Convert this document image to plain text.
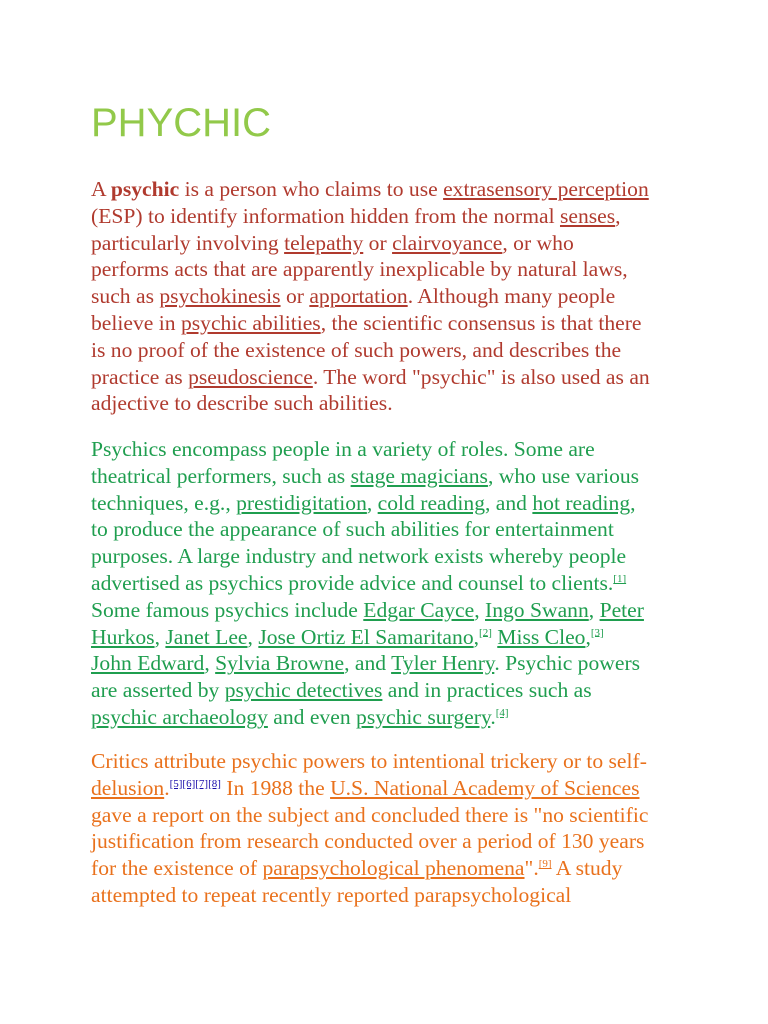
PHYCHIC

A psychic is a person who claims to use extrasensory perception
(ESP) to identify information hidden from the normal senses,
particularly involving telepathy or clairvoyance, or who
performs acts that are apparently inexplicable by natural laws,
such as psychokinesis or apportation. Although many people
believe in psychic abilities, the scientific consensus is that there
is no proof of the existence of such powers, and describes the
practice as pseudoscience. The word "psychic" is also used as an
adjective to describe such abilities.

Psychics encompass people in a variety of roles. Some are
theatrical performers, such as stage magicians, who use various
techniques, e.g., prestidigitation, cold reading, and hot reading,
to produce the appearance of such abilities for entertainment
purposes. A large industry and network exists whereby people
advertised as psychics provide advice and counsel to clients.[1]
Some famous psychics include Edgar Cayce, Ingo Swann, Peter
Hurkos, Janet Lee, Jose Ortiz El Samaritano,[2] Miss Cleo,[3]
John Edward, Sylvia Browne, and Tyler Henry. Psychic powers
are asserted by psychic detectives and in practices such as
psychic archaeology and even psychic surgery.[4]

Critics attribute psychic powers to intentional trickery or to self-
delusion.[5][6][7][8] In 1988 the U.S. National Academy of Sciences
gave a report on the subject and concluded there is "no scientific
justification from research conducted over a period of 130 years
for the existence of parapsychological phenomena".[9] A study
attempted to repeat recently reported parapsychological
